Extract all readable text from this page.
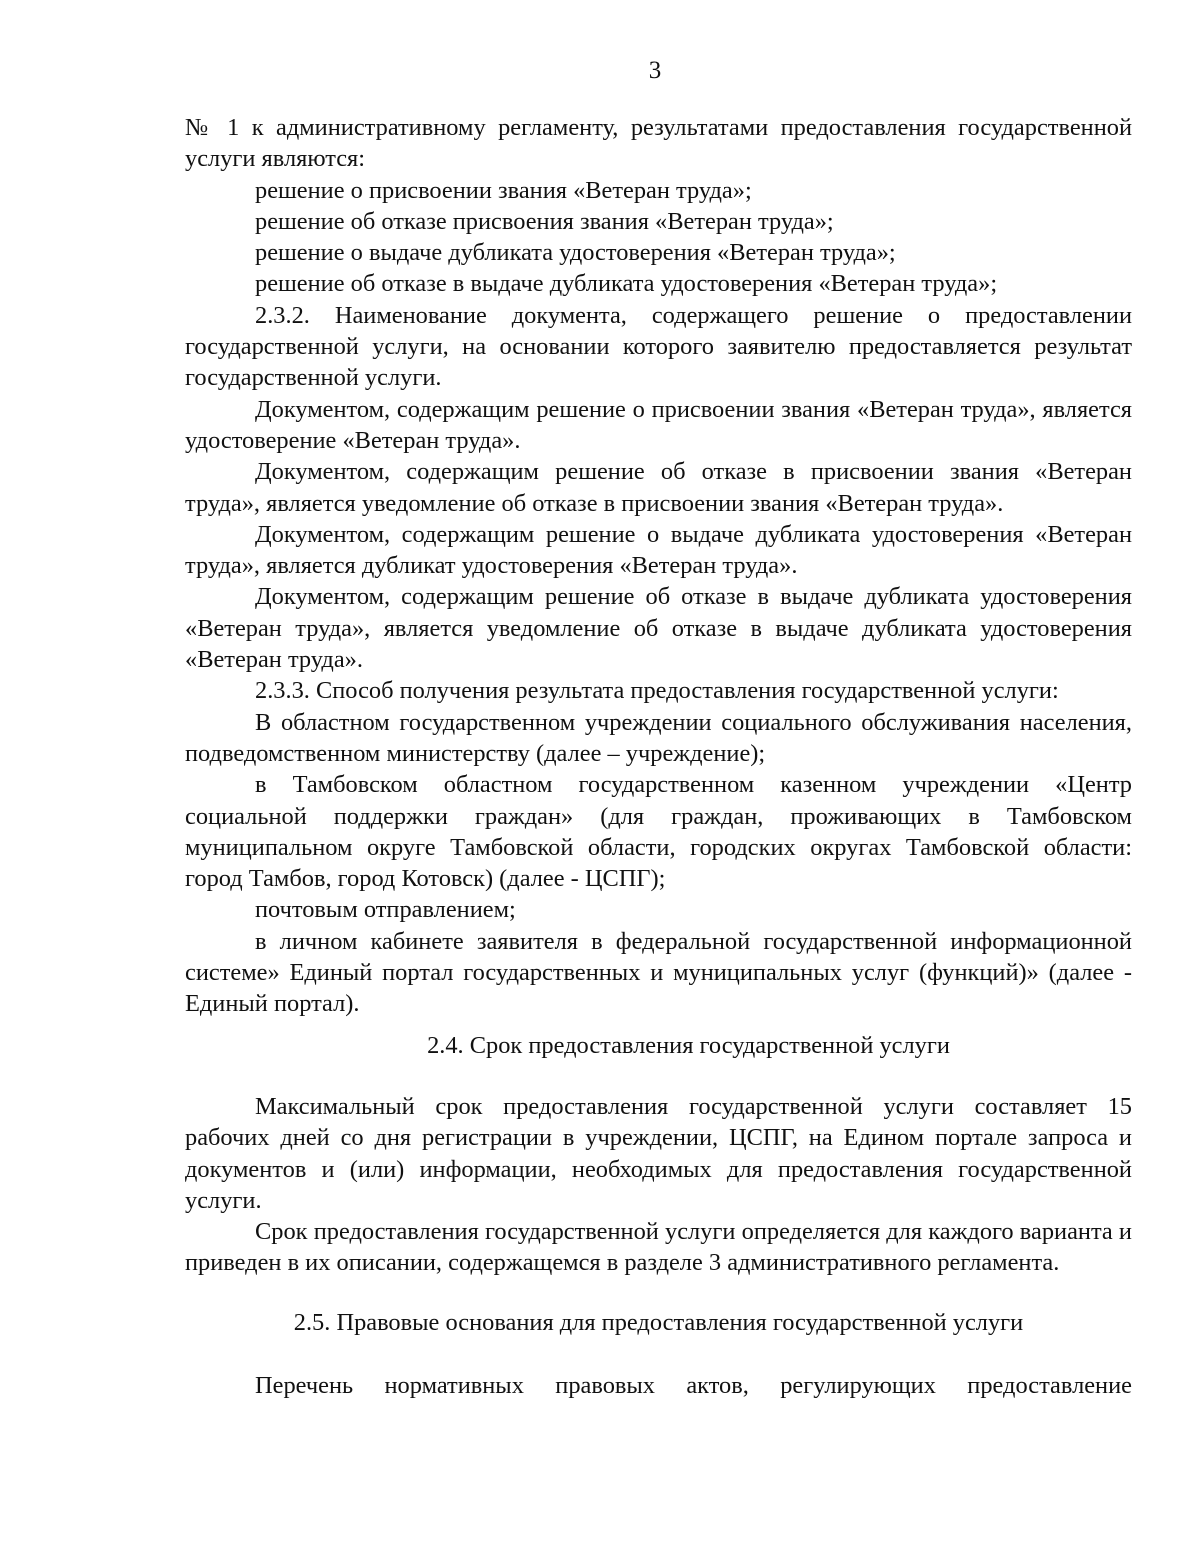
3

№ 1 к административному регламенту, результатами предоставления государственной услуги являются:

решение о присвоении звания «Ветеран труда»;

решение об отказе присвоения звания «Ветеран труда»;

решение о выдаче дубликата удостоверения «Ветеран труда»;

решение об отказе в выдаче дубликата удостоверения «Ветеран труда»;

2.3.2. Наименование документа, содержащего решение о предоставлении государственной услуги, на основании которого заявителю предоставляется результат государственной услуги.

Документом, содержащим решение о присвоении звания «Ветеран труда», является удостоверение «Ветеран труда».

Документом, содержащим решение об отказе в присвоении звания «Ветеран труда», является уведомление об отказе в присвоении звания «Ветеран труда».

Документом, содержащим решение о выдаче дубликата удостоверения «Ветеран труда», является дубликат удостоверения «Ветеран труда».

Документом, содержащим решение об отказе в выдаче дубликата удостоверения «Ветеран труда», является уведомление об отказе в выдаче дубликата удостоверения «Ветеран труда».

2.3.3. Способ получения результата предоставления государственной услуги:

В областном государственном учреждении социального обслуживания населения, подведомственном министерству (далее – учреждение);

в Тамбовском областном государственном казенном учреждении «Центр социальной поддержки граждан» (для граждан, проживающих в Тамбовском муниципальном округе Тамбовской области, городских округах Тамбовской области: город Тамбов, город Котовск) (далее - ЦСПГ);

почтовым отправлением;

в личном кабинете заявителя в федеральной государственной информационной системе» Единый портал государственных и муниципальных услуг (функций)» (далее - Единый портал).

2.4. Срок предоставления государственной услуги

Максимальный срок предоставления государственной услуги составляет 15 рабочих дней со дня регистрации в учреждении, ЦСПГ, на Едином портале запроса и документов и (или) информации, необходимых для предоставления государственной услуги.

Срок предоставления государственной услуги определяется для каждого варианта и приведен в их описании, содержащемся в разделе 3 административного регламента.

2.5. Правовые основания для предоставления государственной услуги

Перечень нормативных правовых актов, регулирующих предоставление
